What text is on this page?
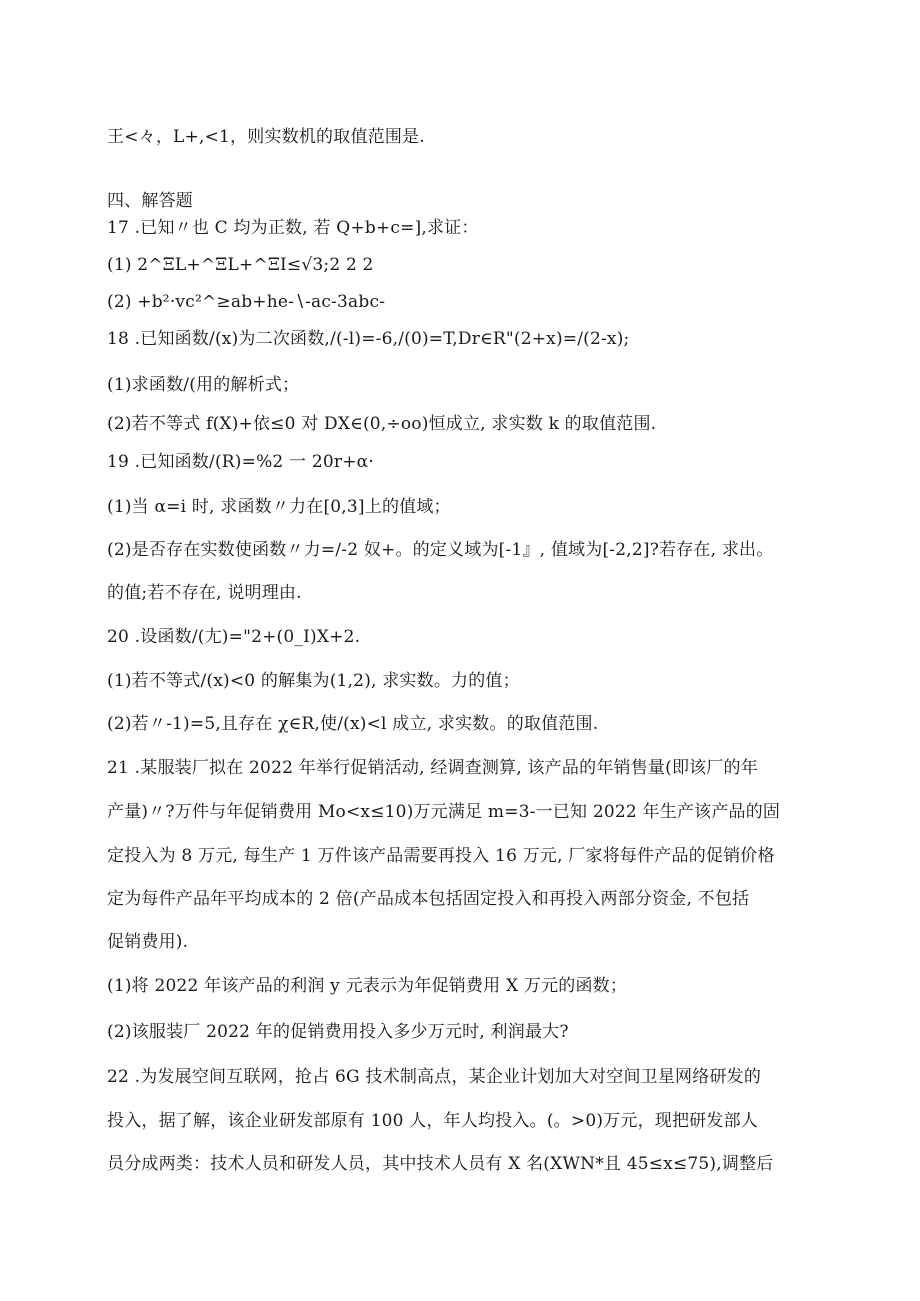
王<々，L+,<1，则实数机的取值范围是.
四、解答题
17 .已知〃也 C 均为正数, 若 Q+b+c=],求证：
(1) 2^ΞL+^ΞL+^ΞI≤√3;2 2 2
(2) +b²·vc²^≥ab+he-∖-ac-3abc-
18 .已知函数/(x)为二次函数,/(-l)=-6,∕(0)=T,Dr∈R"(2+x)=∕(2-x);
(1)求函数/(用的解析式；
(2)若不等式 f(X)+依≤0 对 DX∈(0,÷oo)恒成立, 求实数 k 的取值范围.
19 .已知函数/(R)=%2 一 20r+α·
(1)当 α=i 时, 求函数〃力在[0,3]上的值域；
(2)是否存在实数使函数〃力=/-2 奴+。的定义域为[-1』, 值域为[-2,2]?若存在, 求出。
的值;若不存在, 说明理由.
20 .设函数/(尢)="2+(0_I)X+2.
(1)若不等式/(x)<0 的解集为(1,2), 求实数。力的值；
(2)若〃-1)=5,且存在 χ∈R,使/(x)<l 成立, 求实数。的取值范围.
21 .某服装厂拟在 2022 年举行促销活动, 经调查测算, 该产品的年销售量(即该厂的年
产量)〃?万件与年促销费用 Mo<x≤10)万元满足 m=3-一已知 2022 年生产该产品的固
定投入为 8 万元, 每生产 1 万件该产品需要再投入 16 万元, 厂家将每件产品的促销价格
定为每件产品年平均成本的 2 倍(产品成本包括固定投入和再投入两部分资金, 不包括
促销费用).
(1)将 2022 年该产品的利润 y 元表示为年促销费用 X 万元的函数；
(2)该服装厂 2022 年的促销费用投入多少万元时, 利润最大?
22 .为发展空间互联网，抢占 6G 技术制高点，某企业计划加大对空间卫星网络研发的
投入，据了解，该企业研发部原有 100 人，年人均投入。(。>0)万元，现把研发部人
员分成两类：技术人员和研发人员，其中技术人员有 X 名(XWN*且 45≤x≤75),调整后
